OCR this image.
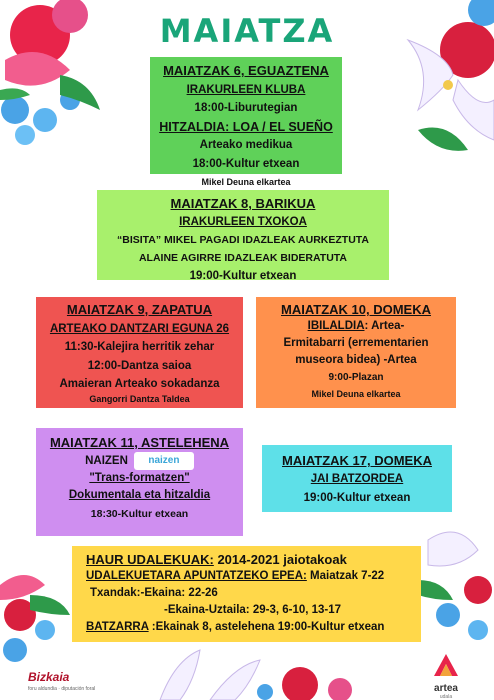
MAIATZA
MAIATZAK 6, EGUAZTENA
IRAKURLEEN KLUBA
18:00-Liburutegian
HITZALDIA: LOA / EL SUEÑO
Arteako medikua
18:00-Kultur etxean
Mikel Deuna elkartea
MAIATZAK 8, BARIKUA
IRAKURLEEN TXOKOA
“BISITA” MIKEL PAGADI IDAZLEAK AURKEZTUTA
ALAINE AGIRRE IDAZLEAK BIDERATUTA
19:00-Kultur etxean
MAIATZAK 9, ZAPATUA
ARTEAKO DANTZARI EGUNA 26
11:30-Kalejira herritik zehar
12:00-Dantza saioa
Amaieran Arteako sokadanza
Gangorri Dantza Taldea
MAIATZAK 10, DOMEKA
IBILALDIA: Artea-
Ermitabarri (errementarien
museora bidea) -Artea
9:00-Plazan
Mikel Deuna elkartea
MAIATZAK 11, ASTELEHENA
NAIZEN naizen
"Trans-formatzen"
Dokumentala eta hitzaldia
18:30-Kultur etxean
MAIATZAK 17, DOMEKA
JAI BATZORDEA
19:00-Kultur etxean
HAUR UDALEKUAK: 2014-2021 jaiotakoak
UDALEKUETARA APUNTATZEKO EPEA: Maiatzak 7-22
Txandak:-Ekaina: 22-26
-Ekaina-Uztaila: 29-3, 6-10, 13-17
BATZARRA :Ekainak 8, astelehena 19:00-Kultur etxean
Bizkaia
foru aldundia · diputación foral	artea
udala
